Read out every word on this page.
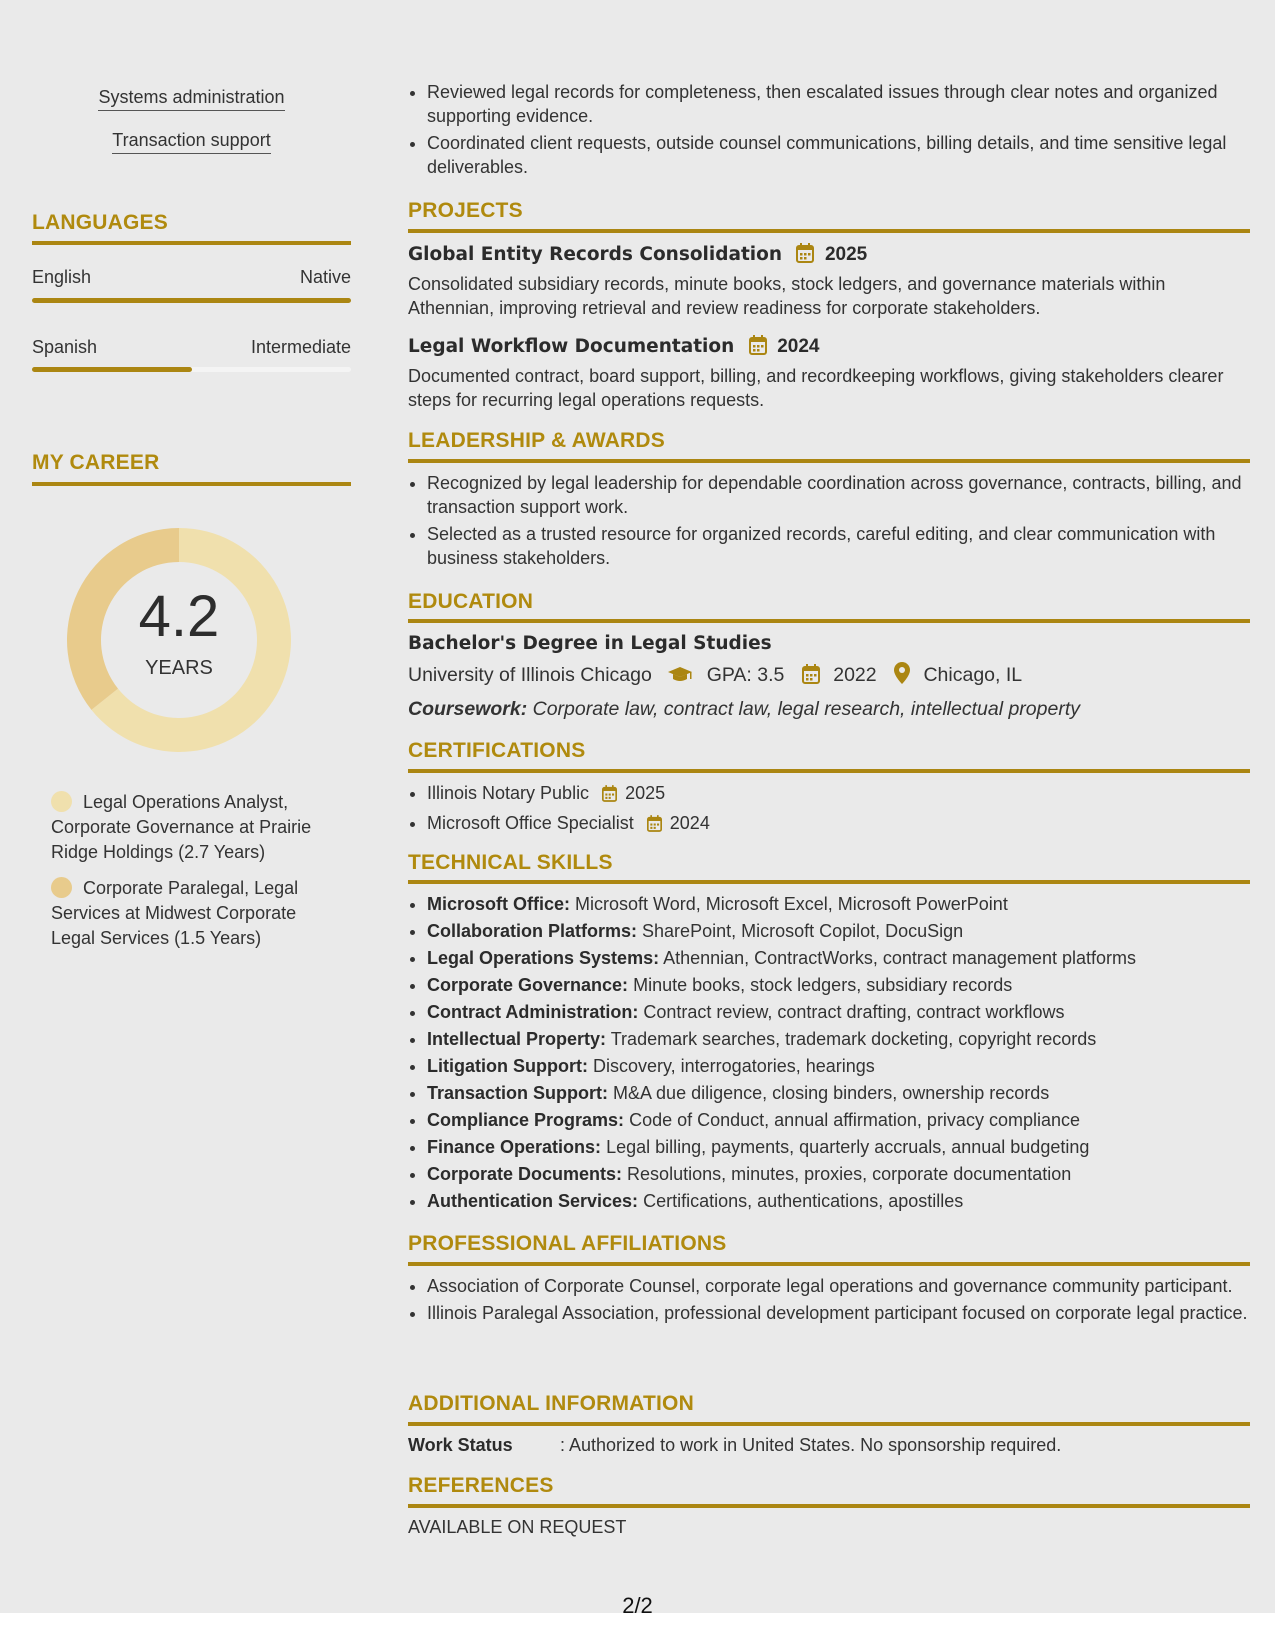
Systems administration
Transaction support
LANGUAGES
English	Native
Spanish	Intermediate
MY CAREER
4.2
YEARS
Legal Operations Analyst, Corporate Governance at Prairie Ridge Holdings (2.7 Years)
Corporate Paralegal, Legal Services at Midwest Corporate Legal Services (1.5 Years)
• Reviewed legal records for completeness, then escalated issues through clear notes and organized supporting evidence.
• Coordinated client requests, outside counsel communications, billing details, and time sensitive legal deliverables.
PROJECTS
Global Entity Records Consolidation 2025
Consolidated subsidiary records, minute books, stock ledgers, and governance materials within Athennian, improving retrieval and review readiness for corporate stakeholders.
Legal Workflow Documentation 2024
Documented contract, board support, billing, and recordkeeping workflows, giving stakeholders clearer steps for recurring legal operations requests.
LEADERSHIP & AWARDS
• Recognized by legal leadership for dependable coordination across governance, contracts, billing, and transaction support work.
• Selected as a trusted resource for organized records, careful editing, and clear communication with business stakeholders.
EDUCATION
Bachelor's Degree in Legal Studies
University of Illinois Chicago	GPA: 3.5	2022 Chicago, IL
Coursework: Corporate law, contract law, legal research, intellectual property
CERTIFICATIONS
• Illinois Notary Public 2025
• Microsoft Office Specialist 2024
TECHNICAL SKILLS
• Microsoft Office: Microsoft Word, Microsoft Excel, Microsoft PowerPoint
• Collaboration Platforms: SharePoint, Microsoft Copilot, DocuSign
• Legal Operations Systems: Athennian, ContractWorks, contract management platforms
• Corporate Governance: Minute books, stock ledgers, subsidiary records
• Contract Administration: Contract review, contract drafting, contract workflows
• Intellectual Property: Trademark searches, trademark docketing, copyright records
• Litigation Support: Discovery, interrogatories, hearings
• Transaction Support: M&A due diligence, closing binders, ownership records
• Compliance Programs: Code of Conduct, annual affirmation, privacy compliance
• Finance Operations: Legal billing, payments, quarterly accruals, annual budgeting
• Corporate Documents: Resolutions, minutes, proxies, corporate documentation
• Authentication Services: Certifications, authentications, apostilles
PROFESSIONAL AFFILIATIONS
• Association of Corporate Counsel, corporate legal operations and governance community participant.
• Illinois Paralegal Association, professional development participant focused on corporate legal practice.
ADDITIONAL INFORMATION
Work Status	: Authorized to work in United States. No sponsorship required.
REFERENCES
AVAILABLE ON REQUEST
2/2
